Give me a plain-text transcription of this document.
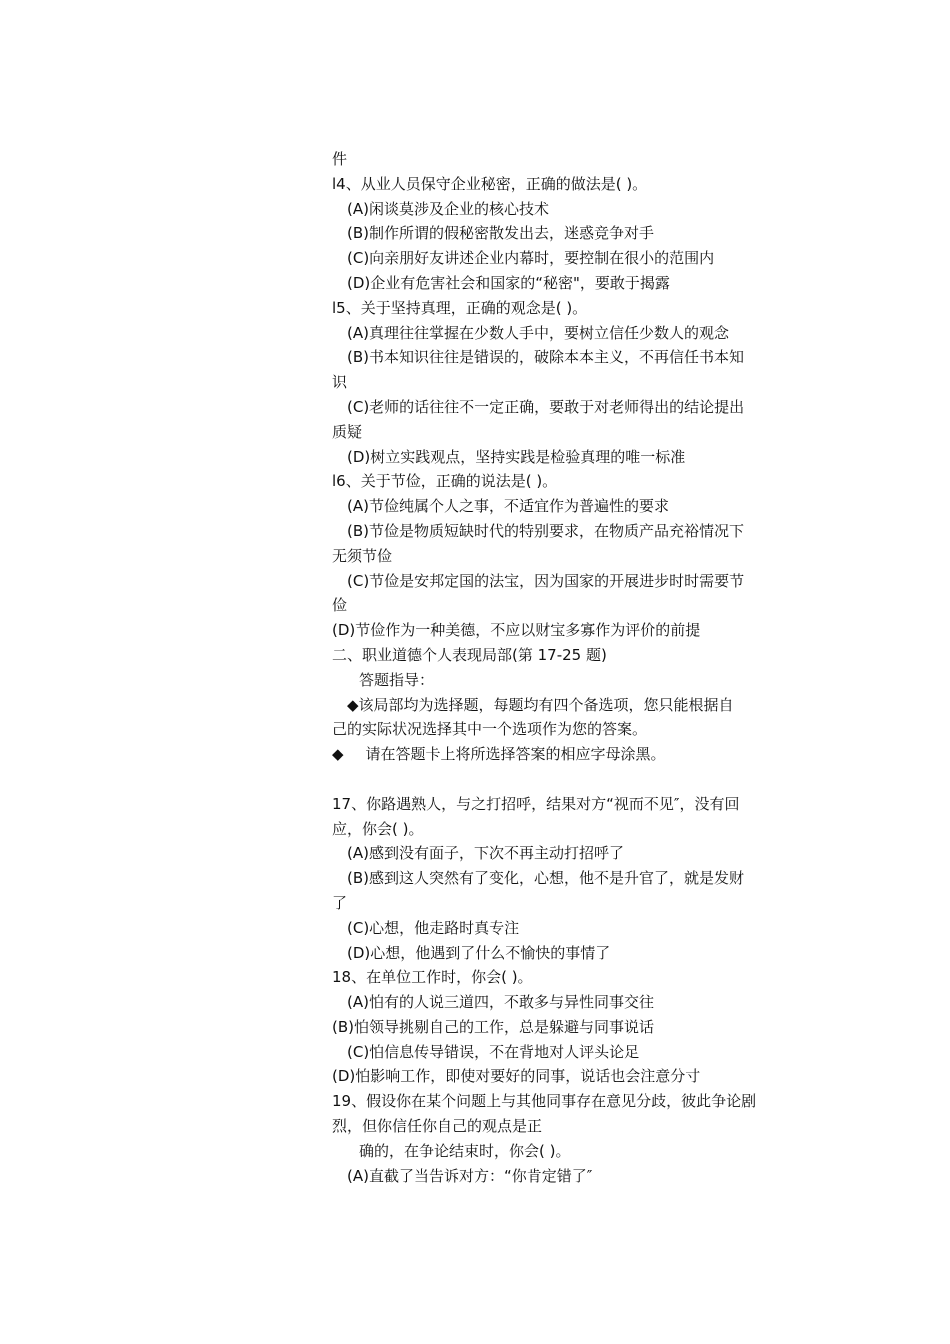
件
l4、从业人员保守企业秘密，正确的做法是( )。
(A)闲谈莫涉及企业的核心技术
(B)制作所谓的假秘密散发出去，迷惑竞争对手
(C)向亲朋好友讲述企业内幕时，要控制在很小的范围内
(D)企业有危害社会和国家的“秘密"，要敢于揭露
l5、关于坚持真理，正确的观念是( )。
(A)真理往往掌握在少数人手中，要树立信任少数人的观念
(B)书本知识往往是错误的，破除本本主义，不再信任书本知
识
(C)老师的话往往不一定正确，要敢于对老师得出的结论提出
质疑
(D)树立实践观点，坚持实践是检验真理的唯一标准
l6、关于节俭，正确的说法是( )。
(A)节俭纯属个人之事，不适宜作为普遍性的要求
(B)节俭是物质短缺时代的特别要求，在物质产品充裕情况下
无须节俭
(C)节俭是安邦定国的法宝，因为国家的开展进步时时需要节
俭
(D)节俭作为一种美德，不应以财宝多寡作为评价的前提
二、职业道德个人表现局部(第 17-25 题)
答题指导：
◆该局部均为选择题，每题均有四个备选项，您只能根据自
己的实际状况选择其中一个选项作为您的答案。
◆ 请在答题卡上将所选择答案的相应字母涂黑。
17、你路遇熟人，与之打招呼，结果对方“视而不见″，没有回
应，你会( )。
(A)感到没有面子，下次不再主动打招呼了
(B)感到这人突然有了变化，心想，他不是升官了，就是发财
了
(C)心想，他走路时真专注
(D)心想，他遇到了什么不愉快的事情了
18、在单位工作时，你会( )。
(A)怕有的人说三道四，不敢多与异性同事交往
(B)怕领导挑剔自己的工作，总是躲避与同事说话
(C)怕信息传导错误，不在背地对人评头论足
(D)怕影响工作，即使对要好的同事，说话也会注意分寸
19、假设你在某个问题上与其他同事存在意见分歧，彼此争论剧
烈，但你信任你自己的观点是正
确的，在争论结束时，你会( )。
(A)直截了当告诉对方：“你肯定错了″
